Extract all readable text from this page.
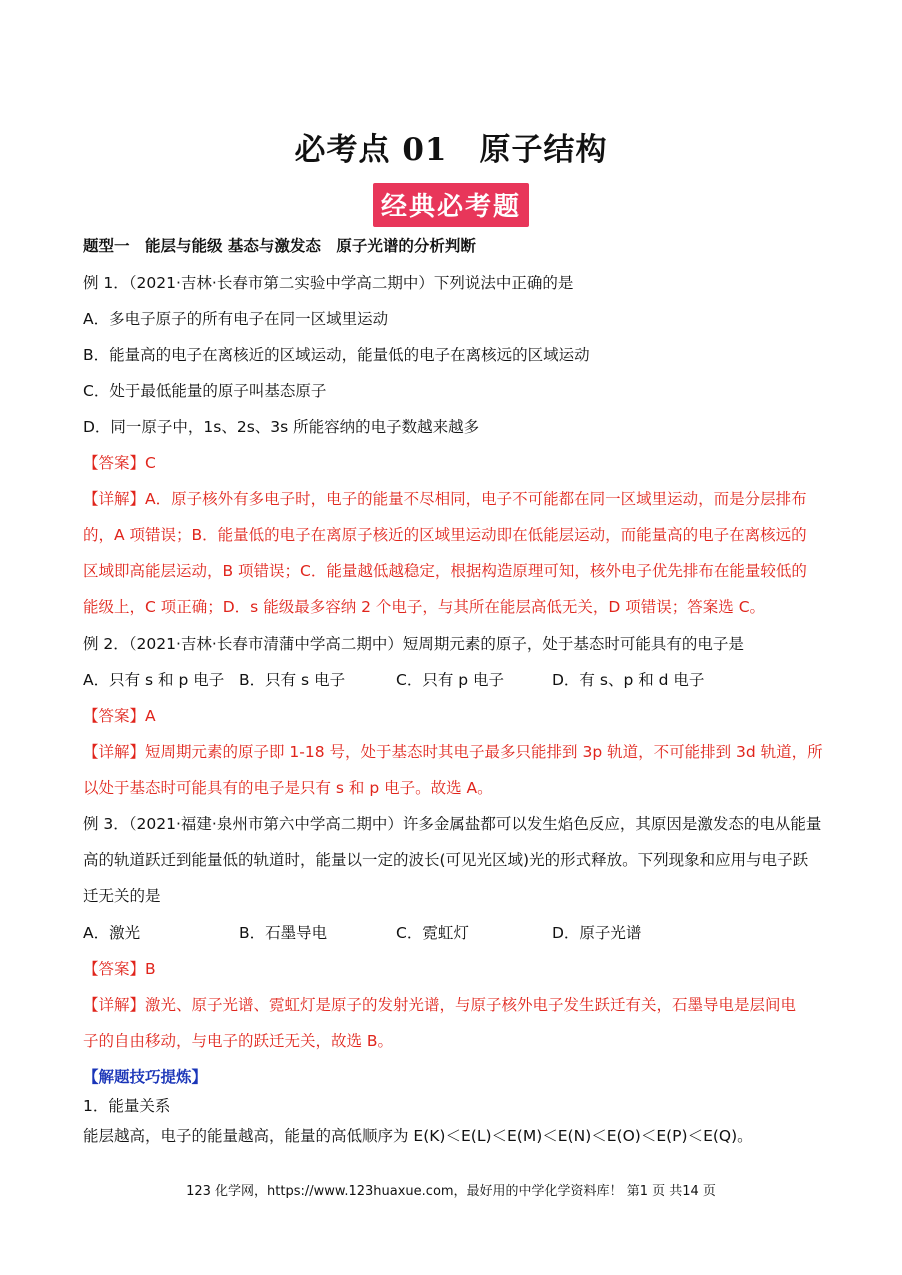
必考点 01　原子结构
经典必考题
题型一　能层与能级 基态与激发态　原子光谱的分析判断
例 1．（2021·吉林·长春市第二实验中学高二期中）下列说法中正确的是
A．多电子原子的所有电子在同一区域里运动
B．能量高的电子在离核近的区域运动，能量低的电子在离核远的区域运动
C．处于最低能量的原子叫基态原子
D．同一原子中，1s、2s、3s 所能容纳的电子数越来越多
【答案】C
【详解】A．原子核外有多电子时，电子的能量不尽相同，电子不可能都在同一区域里运动，而是分层排布
的，A 项错误；B．能量低的电子在离原子核近的区域里运动即在低能层运动，而能量高的电子在离核远的
区域即高能层运动，B 项错误；C．能量越低越稳定，根据构造原理可知，核外电子优先排布在能量较低的
能级上，C 项正确；D．s 能级最多容纳 2 个电子，与其所在能层高低无关，D 项错误；答案选 C。
例 2．（2021·吉林·长春市清蒲中学高二期中）短周期元素的原子，处于基态时可能具有的电子是
A．只有 s 和 p 电子 B．只有 s 电子	C．只有 p 电子	D．有 s、p 和 d 电子
【答案】A
【详解】短周期元素的原子即 1-18 号，处于基态时其电子最多只能排到 3p 轨道，不可能排到 3d 轨道，所
以处于基态时可能具有的电子是只有 s 和 p 电子。故选 A。
例 3．（2021·福建·泉州市第六中学高二期中）许多金属盐都可以发生焰色反应，其原因是激发态的电从能量
高的轨道跃迁到能量低的轨道时，能量以一定的波长(可见光区域)光的形式释放。下列现象和应用与电子跃
迁无关的是
A．激光	B．石墨导电	C．霓虹灯	D．原子光谱
【答案】B
【详解】激光、原子光谱、霓虹灯是原子的发射光谱，与原子核外电子发生跃迁有关，石墨导电是层间电
子的自由移动，与电子的跃迁无关，故选 B。
【解题技巧提炼】
1．能量关系
能层越高，电子的能量越高，能量的高低顺序为 E(K)＜E(L)＜E(M)＜E(N)＜E(O)＜E(P)＜E(Q)。
123 化学网，https://www.123huaxue.com，最好用的中学化学资料库！ 第1 页 共14 页
